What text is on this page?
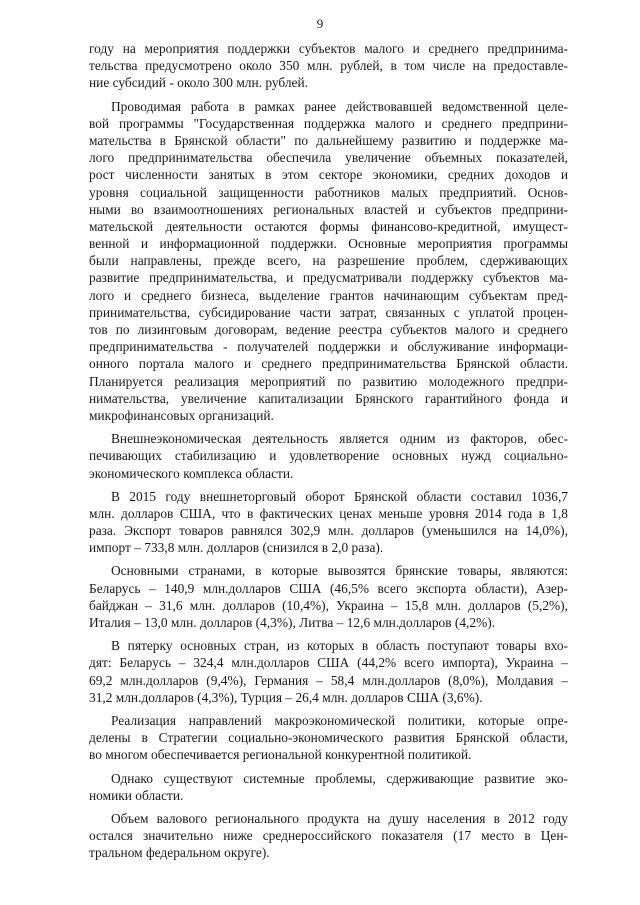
9
году на мероприятия поддержки субъектов малого и среднего предпринима-
тельства предусмотрено около 350 млн. рублей, в том числе на предоставле-
ние субсидий - около 300 млн. рублей.
Проводимая работа в рамках ранее действовавшей ведомственной целе-
вой программы "Государственная поддержка малого и среднего предприни-
мательства в Брянской области" по дальнейшему развитию и поддержке ма-
лого предпринимательства обеспечила увеличение объемных показателей,
рост численности занятых в этом секторе экономики, средних доходов и
уровня социальной защищенности работников малых предприятий. Основ-
ными во взаимоотношениях региональных властей и субъектов предприни-
мательской деятельности остаются формы финансово-кредитной, имущест-
венной и информационной поддержки. Основные мероприятия программы
были направлены, прежде всего, на разрешение проблем, сдерживающих
развитие предпринимательства, и предусматривали поддержку субъектов ма-
лого и среднего бизнеса, выделение грантов начинающим субъектам пред-
принимательства, субсидирование части затрат, связанных с уплатой процен-
тов по лизинговым договорам, ведение реестра субъектов малого и среднего
предпринимательства - получателей поддержки и обслуживание информаци-
онного портала малого и среднего предпринимательства Брянской области.
Планируется реализация мероприятий по развитию молодежного предпри-
нимательства, увеличение капитализации Брянского гарантийного фонда и
микрофинансовых организаций.
Внешнеэкономическая деятельность является одним из факторов, обес-
печивающих стабилизацию и удовлетворение основных нужд социально-
экономического комплекса области.
В 2015 году внешнеторговый оборот Брянской области составил 1036,7
млн. долларов США, что в фактических ценах меньше уровня 2014 года в 1,8
раза. Экспорт товаров равнялся 302,9 млн. долларов (уменьшился на 14,0%),
импорт – 733,8 млн. долларов (снизился в 2,0 раза).
Основными странами, в которые вывозятся брянские товары, являются:
Беларусь – 140,9 млн.долларов США (46,5% всего экспорта области), Азер-
байджан – 31,6 млн. долларов (10,4%), Украина – 15,8 млн. долларов (5,2%),
Италия – 13,0 млн. долларов (4,3%), Литва – 12,6 млн.долларов (4,2%).
В пятерку основных стран, из которых в область поступают товары вхо-
дят: Беларусь – 324,4 млн.долларов США (44,2% всего импорта), Украина –
69,2 млн.долларов (9,4%), Германия – 58,4 млн.долларов (8,0%), Молдавия –
31,2 млн.долларов (4,3%), Турция – 26,4 млн. долларов США (3,6%).
Реализация направлений макроэкономической политики, которые опре-
делены в Стратегии социально-экономического развития Брянской области,
во многом обеспечивается региональной конкурентной политикой.
Однако существуют системные проблемы, сдерживающие развитие эко-
номики области.
Объем валового регионального продукта на душу населения в 2012 году
остался значительно ниже среднероссийского показателя (17 место в Цен-
тральном федеральном округе).
